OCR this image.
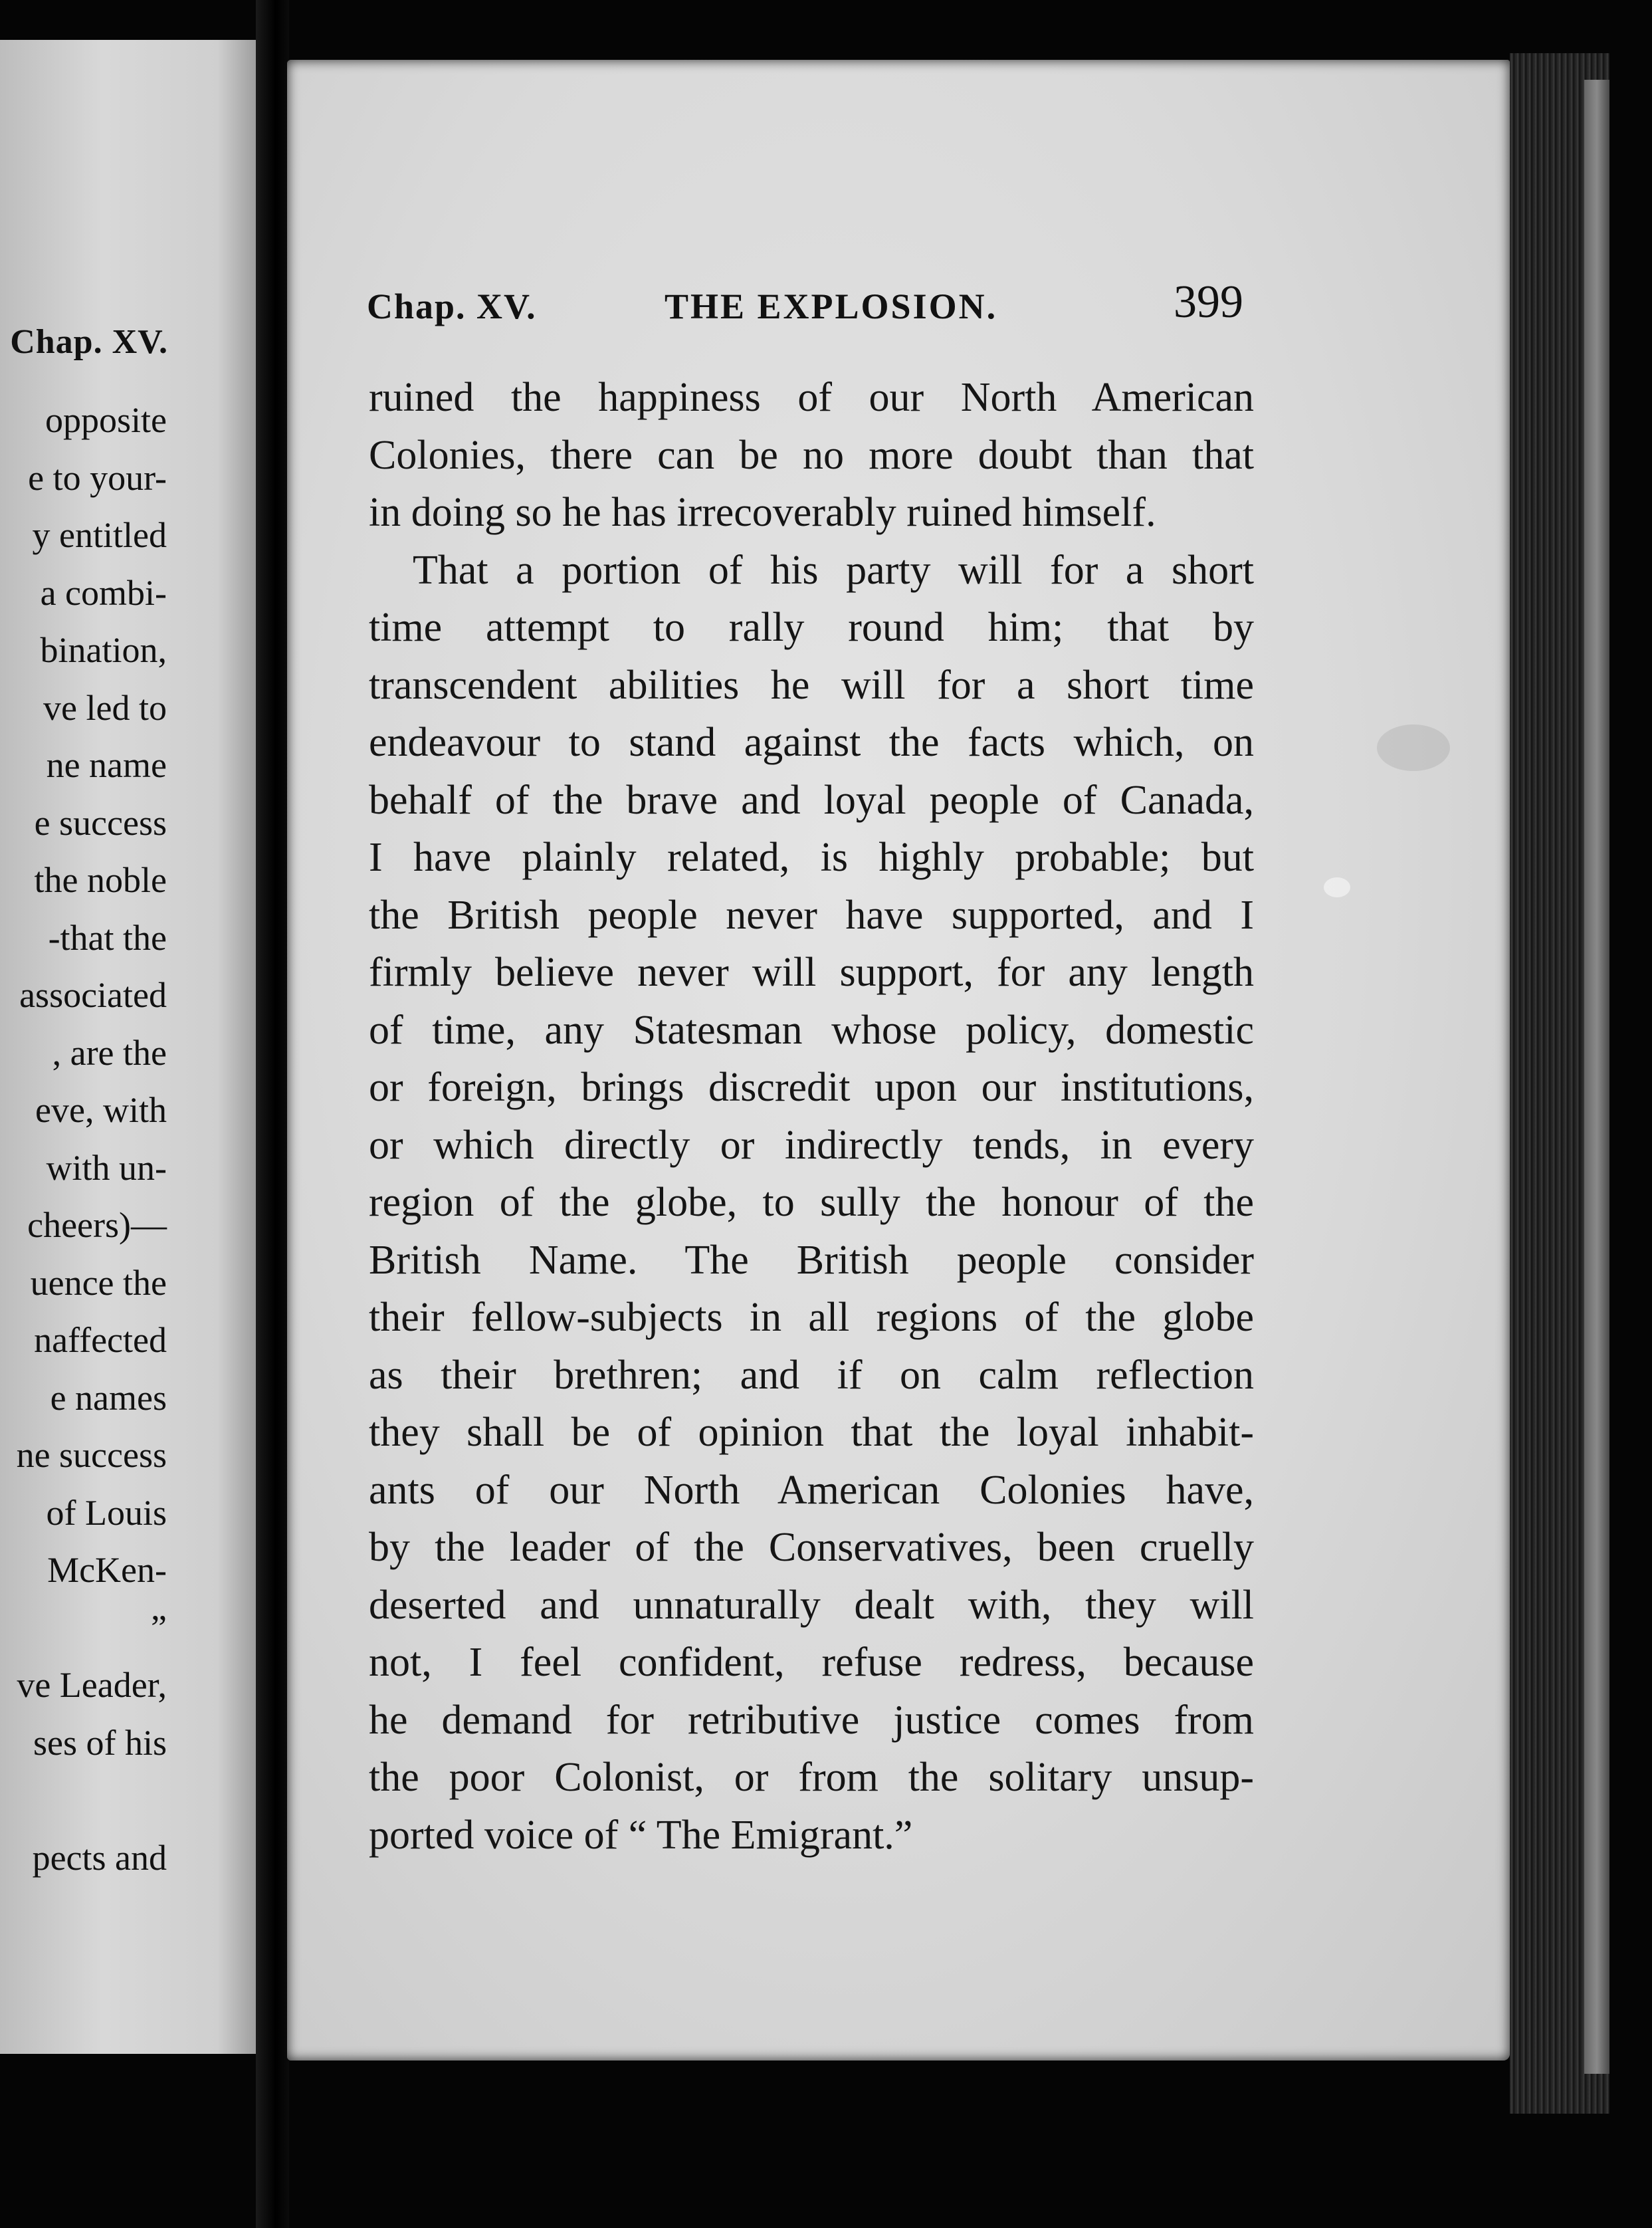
Chap. XV.
opposite
e to your-
y entitled
a combi-
bination,
ve led to
ne name
e success
the noble
-that the
associated
, are the
eve, with
with un-
cheers)—
uence the
naffected
e names
ne success
of Louis
McKen-
”
ve Leader,
ses of his
pects and
Chap. XV.	THE EXPLOSION.	399
ruined the happiness of our North American
Colonies, there can be no more doubt than that
in doing so he has irrecoverably ruined himself.
That a portion of his party will for a short
time attempt to rally round him; that by
transcendent abilities he will for a short time
endeavour to stand against the facts which, on
behalf of the brave and loyal people of Canada,
I have plainly related, is highly probable; but
the British people never have supported, and I
firmly believe never will support, for any length
of time, any Statesman whose policy, domestic
or foreign, brings discredit upon our institutions,
or which directly or indirectly tends, in every
region of the globe, to sully the honour of the
British Name. The British people consider
their fellow-subjects in all regions of the globe
as their brethren; and if on calm reflection
they shall be of opinion that the loyal inhabit-
ants of our North American Colonies have,
by the leader of the Conservatives, been cruelly
deserted and unnaturally dealt with, they will
not, I feel confident, refuse redress, because
he demand for retributive justice comes from
the poor Colonist, or from the solitary unsup-
ported voice of “ The Emigrant.”
